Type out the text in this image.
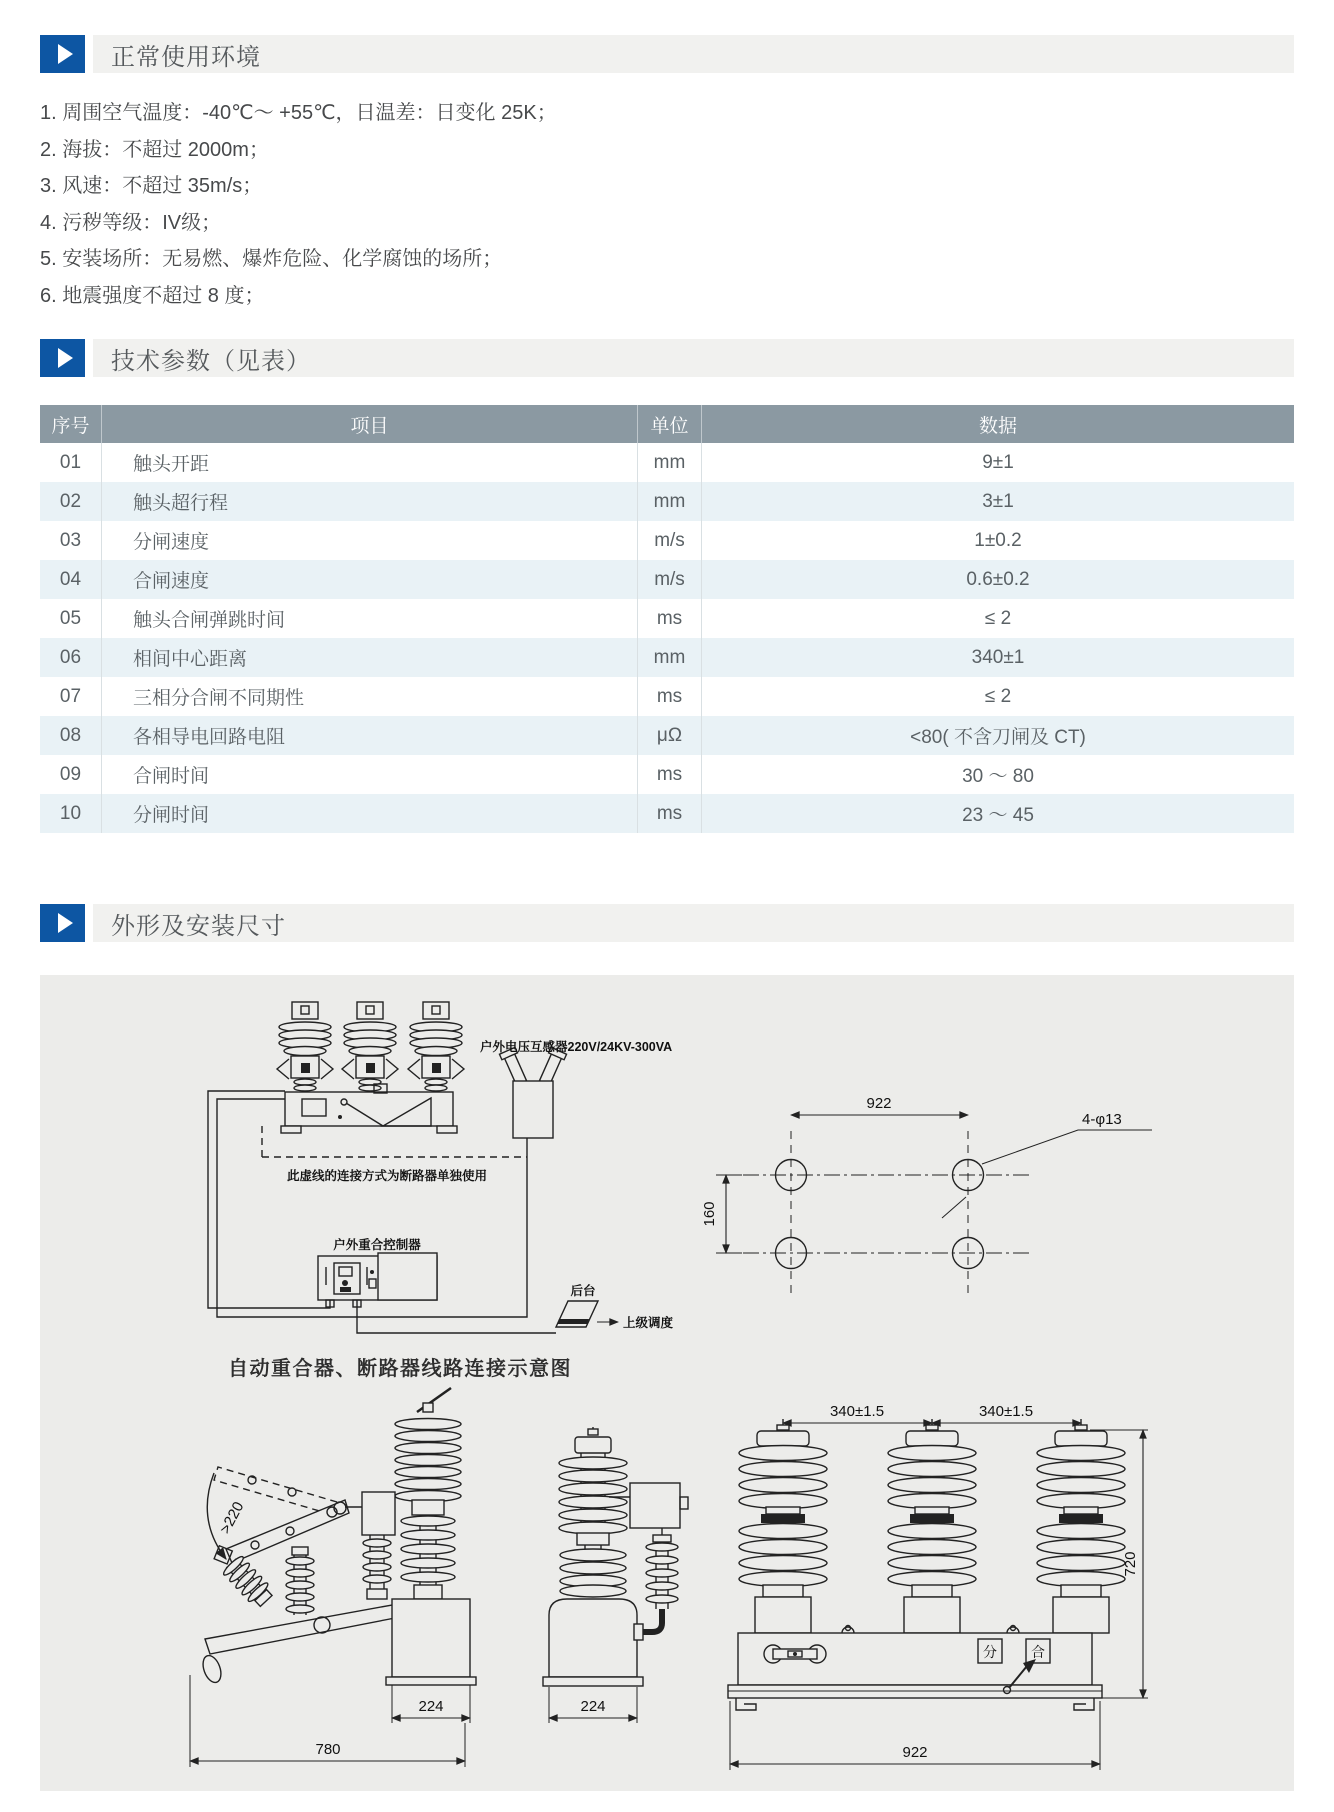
正常使用环境
1. 周围空气温度：-40℃～ +55℃，日温差：日变化 25K；
2. 海拔：不超过 2000m；
3. 风速：不超过 35m/s；
4. 污秽等级：IV级；
5. 安装场所：无易燃、爆炸危险、化学腐蚀的场所；
6. 地震强度不超过 8 度；
技术参数（见表）
序号	项目	单位	数据
01	触头开距	mm	9±1
02	触头超行程	mm	3±1
03	分闸速度	m/s	1±0.2
04	合闸速度	m/s	0.6±0.2
05	触头合闸弹跳时间	ms	≤ 2
06	相间中心距离	mm	340±1
07	三相分合闸不同期性	ms	≤ 2
08	各相导电回路电阻	μΩ	<80( 不含刀闸及 CT)
09	合闸时间	ms	30 ～ 80
10	分闸时间	ms	23 ～ 45
外形及安装尺寸
此虚线的连接方式为断路器单独使用
户外电压互感器220V/24KV-300VA
户外重合控制器
后台
上级调度
自动重合器、断路器线路连接示意图
922
160
4-φ13
>220
224
780
224
340±1.5	340±1.5
分 合
720
922
